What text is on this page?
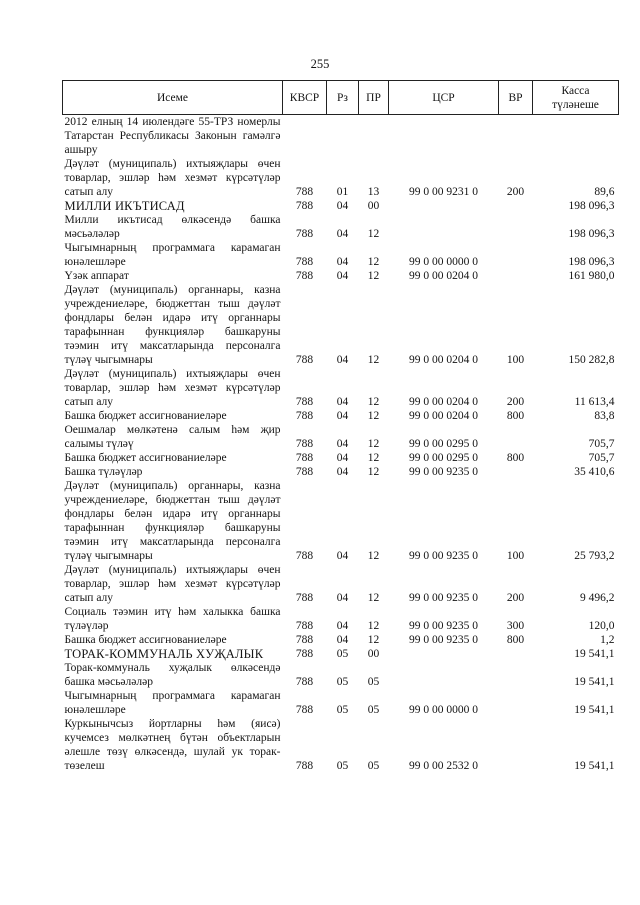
255
Исеме	КВСР	Рз	ПР	ЦСР	ВР	Касса
түләнеше

2012 елның 14 июлендәге 55-ТРЗ номерлы Татарстан Республикасы Законын гамәлгә ашыру						
Дәүләт (муниципаль) ихтыяҗлары өчен товарлар, эшләр һәм хезмәт күрсәтүләр сатып алу	788	01	13	99 0 00 9231 0	200	89,6
МИЛЛИ ИКЪТИСАД	788	04	00			198 096,3
Милли икътисад өлкәсендә башка мәсьәләләр	788	04	12			198 096,3
Чыгымнарның программага карамаган юнәлешләре	788	04	12	99 0 00 0000 0		198 096,3
Үзәк аппарат	788	04	12	99 0 00 0204 0		161 980,0
Дәүләт (муниципаль) органнары, казна учреждениеләре, бюджеттан тыш дәүләт фондлары белән идарә итү органнары тарафыннан функцияләр башкаруны тәэмин итү максатларында персоналга түләү чыгымнары	788	04	12	99 0 00 0204 0	100	150 282,8
Дәүләт (муниципаль) ихтыяҗлары өчен товарлар, эшләр һәм хезмәт күрсәтүләр сатып алу	788	04	12	99 0 00 0204 0	200	11 613,4
Башка бюджет ассигнованиеләре	788	04	12	99 0 00 0204 0	800	83,8
Оешмалар мөлкәтенә салым һәм җир салымы түләү	788	04	12	99 0 00 0295 0		705,7
Башка бюджет ассигнованиеләре	788	04	12	99 0 00 0295 0	800	705,7
Башка түләүләр	788	04	12	99 0 00 9235 0		35 410,6
Дәүләт (муниципаль) органнары, казна учреждениеләре, бюджеттан тыш дәүләт фондлары белән идарә итү органнары тарафыннан функцияләр башкаруны тәэмин итү максатларында персоналга түләү чыгымнары	788	04	12	99 0 00 9235 0	100	25 793,2
Дәүләт (муниципаль) ихтыяҗлары өчен товарлар, эшләр һәм хезмәт күрсәтүләр сатып алу	788	04	12	99 0 00 9235 0	200	9 496,2
Социаль тәэмин итү һәм халыкка башка түләүләр	788	04	12	99 0 00 9235 0	300	120,0
Башка бюджет ассигнованиеләре	788	04	12	99 0 00 9235 0	800	1,2
ТОРАК-КОММУНАЛЬ ХУҖАЛЫК	788	05	00			19 541,1
Торак-коммуналь хуҗалык өлкәсендә башка мәсьәләләр	788	05	05			19 541,1
Чыгымнарның программага карамаган юнәлешләре	788	05	05	99 0 00 0000 0		19 541,1
Куркынычсыз йортларны һәм (яисә) кучемсез мөлкәтнең бүтән объектларын әлешле төзү өлкәсендә, шулай ук торак-төзелеш	788	05	05	99 0 00 2532 0		19 541,1
